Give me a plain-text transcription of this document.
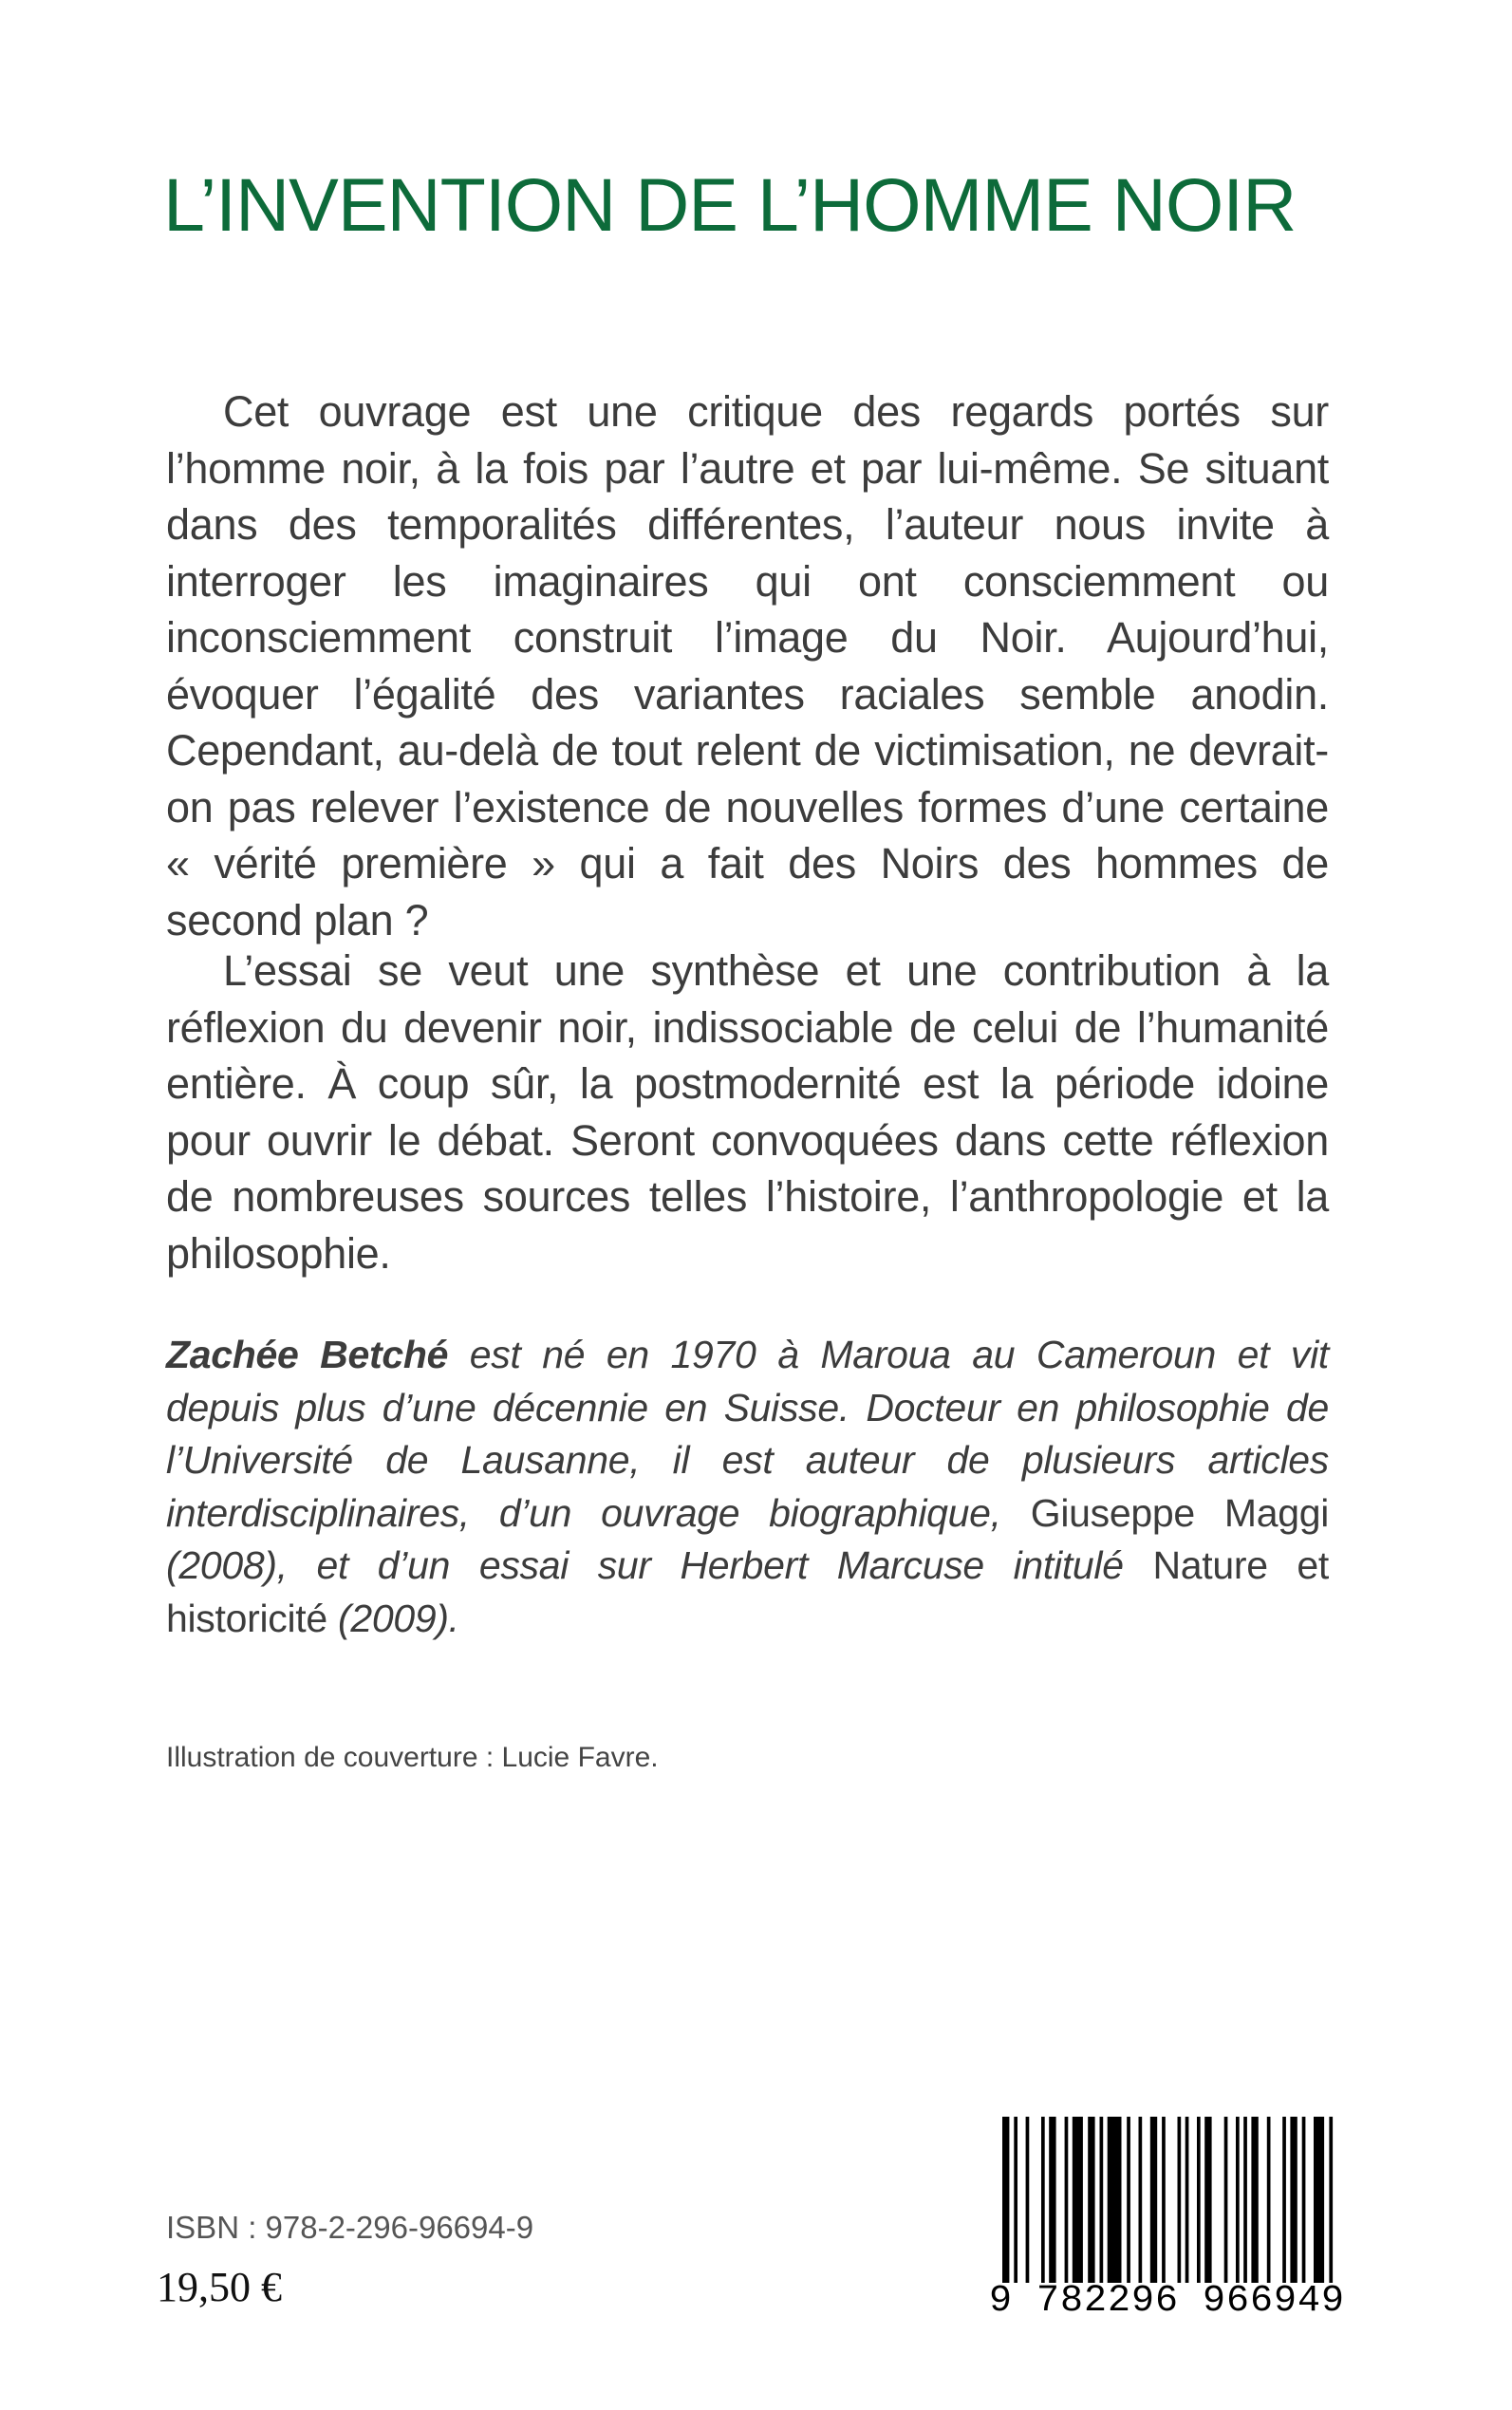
L’INVENTION DE L’HOMME NOIR

Cet ouvrage est une critique des regards portés sur l’homme noir, à la fois par l’autre et par lui-même. Se situant dans des temporalités différentes, l’auteur nous invite à interroger les imaginaires qui ont consciemment ou inconsciemment construit l’image du Noir. Aujourd’hui, évoquer l’égalité des variantes raciales semble anodin. Cependant, au-delà de tout relent de victimisation, ne devrait-on pas relever l’existence de nouvelles formes d’une certaine « vérité première » qui a fait des Noirs des hommes de second plan ?

L’essai se veut une synthèse et une contribution à la réflexion du devenir noir, indissociable de celui de l’humanité entière. À coup sûr, la postmodernité est la période idoine pour ouvrir le débat. Seront convoquées dans cette réflexion de nombreuses sources telles l’histoire, l’anthropologie et la philosophie.

Zachée Betché est né en 1970 à Maroua au Cameroun et vit depuis plus d’une décennie en Suisse. Docteur en philosophie de l’Université de Lausanne, il est auteur de plusieurs articles interdisciplinaires, d’un ouvrage biographique, Giuseppe Maggi (2008), et d’un essai sur Herbert Marcuse intitulé Nature et historicité (2009).

Illustration de couverture : Lucie Favre.
ISBN : 978-2-296-96694-9
19,50 €	9 782296 966949
